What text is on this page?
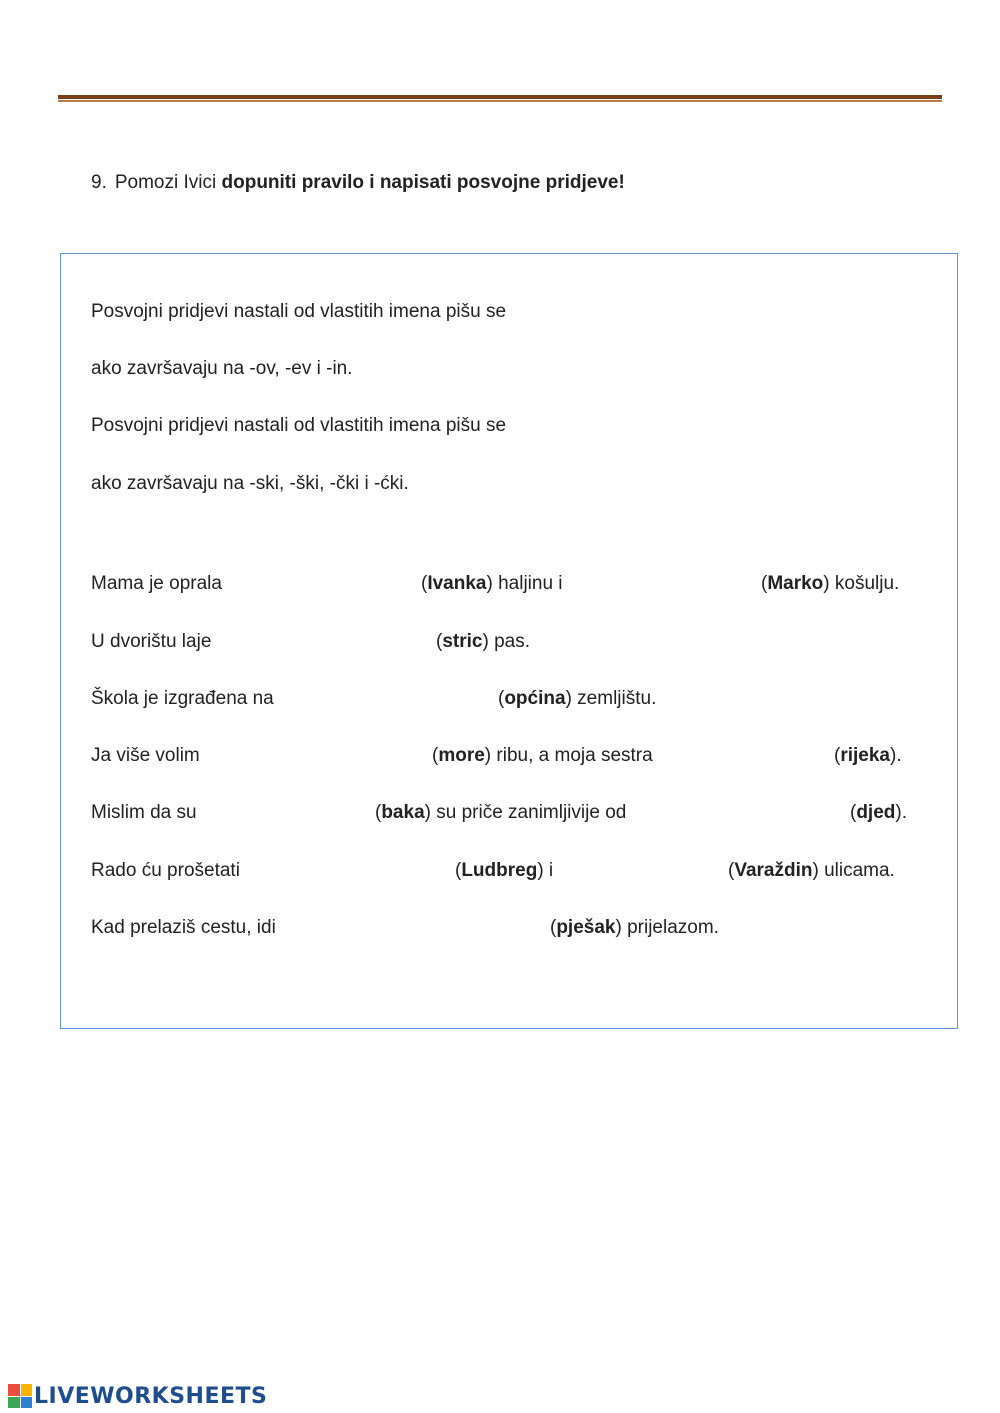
9. Pomozi Ivici dopuniti pravilo i napisati posvojne pridjeve!
Posvojni pridjevi nastali od vlastitih imena pišu se
ako završavaju na -ov, -ev i -in.
Posvojni pridjevi nastali od vlastitih imena pišu se
ako završavaju na -ski, -ški, -čki i -ćki.
Mama je oprala	(Ivanka) haljinu i	(Marko) košulju.
U dvorištu laje	(stric) pas.
Škola je izgrađena na	(općina) zemljištu.
Ja više volim	(more) ribu, a moja sestra	(rijeka).
Mislim da su	(baka) su priče zanimljivije od	(djed).
Rado ću prošetati	(Ludbreg) i	(Varaždin) ulicama.
Kad prelaziš cestu, idi	(pješak) prijelazom.
LIVEWORKSHEETS
